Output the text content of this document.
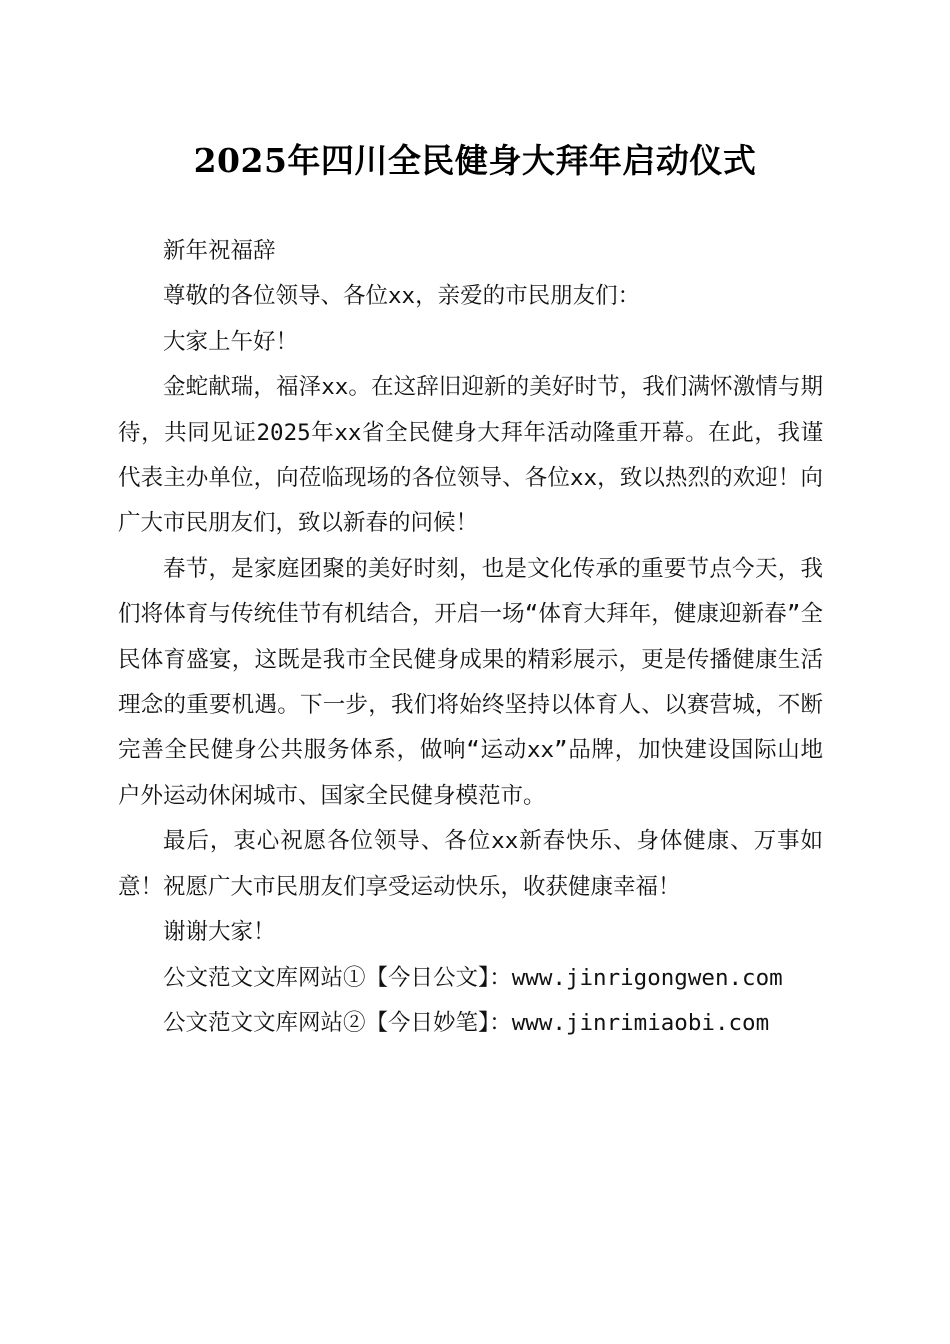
2025年四川全民健身大拜年启动仪式

新年祝福辞

尊敬的各位领导、各位xx，亲爱的市民朋友们：

大家上午好！

金蛇献瑞，福泽xx。在这辞旧迎新的美好时节，我们满怀激情与期待，共同见证2025年xx省全民健身大拜年活动隆重开幕。在此，我谨代表主办单位，向莅临现场的各位领导、各位xx，致以热烈的欢迎！向广大市民朋友们，致以新春的问候！

春节，是家庭团聚的美好时刻，也是文化传承的重要节点今天，我们将体育与传统佳节有机结合，开启一场“体育大拜年，健康迎新春”全民体育盛宴，这既是我市全民健身成果的精彩展示，更是传播健康生活理念的重要机遇。下一步，我们将始终坚持以体育人、以赛营城，不断完善全民健身公共服务体系，做响“运动xx”品牌，加快建设国际山地户外运动休闲城市、国家全民健身模范市。

最后，衷心祝愿各位领导、各位xx新春快乐、身体健康、万事如意！祝愿广大市民朋友们享受运动快乐，收获健康幸福！

谢谢大家！

公文范文文库网站①【今日公文】：www.jinrigongwen.com

公文范文文库网站②【今日妙笔】：www.jinrimiaobi.com
